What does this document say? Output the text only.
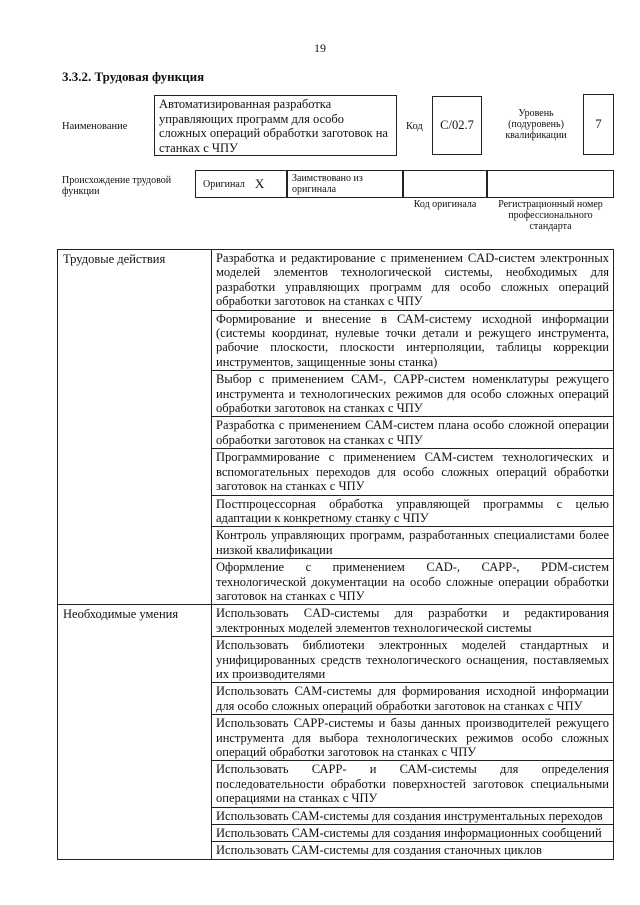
19
3.3.2. Трудовая функция
Наименование
Автоматизированная разработка управляющих программ для особо сложных операций обработки заготовок на станках с ЧПУ
Код С/02.7
Уровень
(подуровень)
квалификации
7
Происхождение трудовой функции
Оригинал X	Заимствовано из оригинала
Код оригинала	Регистрационный номер профессионального стандарта
Трудовые действия	Разработка и редактирование с применением CAD-систем электронных моделей элементов технологической системы, необходимых для разработки управляющих программ для особо сложных операций обработки заготовок на станках с ЧПУ
	Формирование и внесение в САМ-систему исходной информации (системы координат, нулевые точки детали и режущего инструмента, рабочие плоскости, плоскости интерполяции, таблицы коррекции инструментов, защищенные зоны станка)
	Выбор с применением САМ-, САРР-систем номенклатуры режущего инструмента и технологических режимов для особо сложных операций обработки заготовок на станках с ЧПУ
	Разработка с применением САМ-систем плана особо сложной операции обработки заготовок на станках с ЧПУ
	Программирование с применением САМ-систем технологических и вспомогательных переходов для особо сложных операций обработки заготовок на станках с ЧПУ
	Постпроцессорная обработка управляющей программы с целью адаптации к конкретному станку с ЧПУ
	Контроль управляющих программ, разработанных специалистами более низкой квалификации
	Оформление с применением CAD-, САРР-, PDM-систем технологической документации на особо сложные операции обработки заготовок на станках с ЧПУ
Необходимые умения	Использовать CAD-системы для разработки и редактирования электронных моделей элементов технологической системы
	Использовать библиотеки электронных моделей стандартных и унифицированных средств технологического оснащения, поставляемых их производителями
	Использовать САМ-системы для формирования исходной информации для особо сложных операций обработки заготовок на станках с ЧПУ
	Использовать САРР-системы и базы данных производителей режущего инструмента для выбора технологических режимов особо сложных операций обработки заготовок на станках с ЧПУ
	Использовать САРР- и САМ-системы для определения последовательности обработки поверхностей заготовок специальными операциями на станках с ЧПУ
	Использовать САМ-системы для создания инструментальных переходов
	Использовать САМ-системы для создания информационных сообщений
	Использовать САМ-системы для создания станочных циклов
